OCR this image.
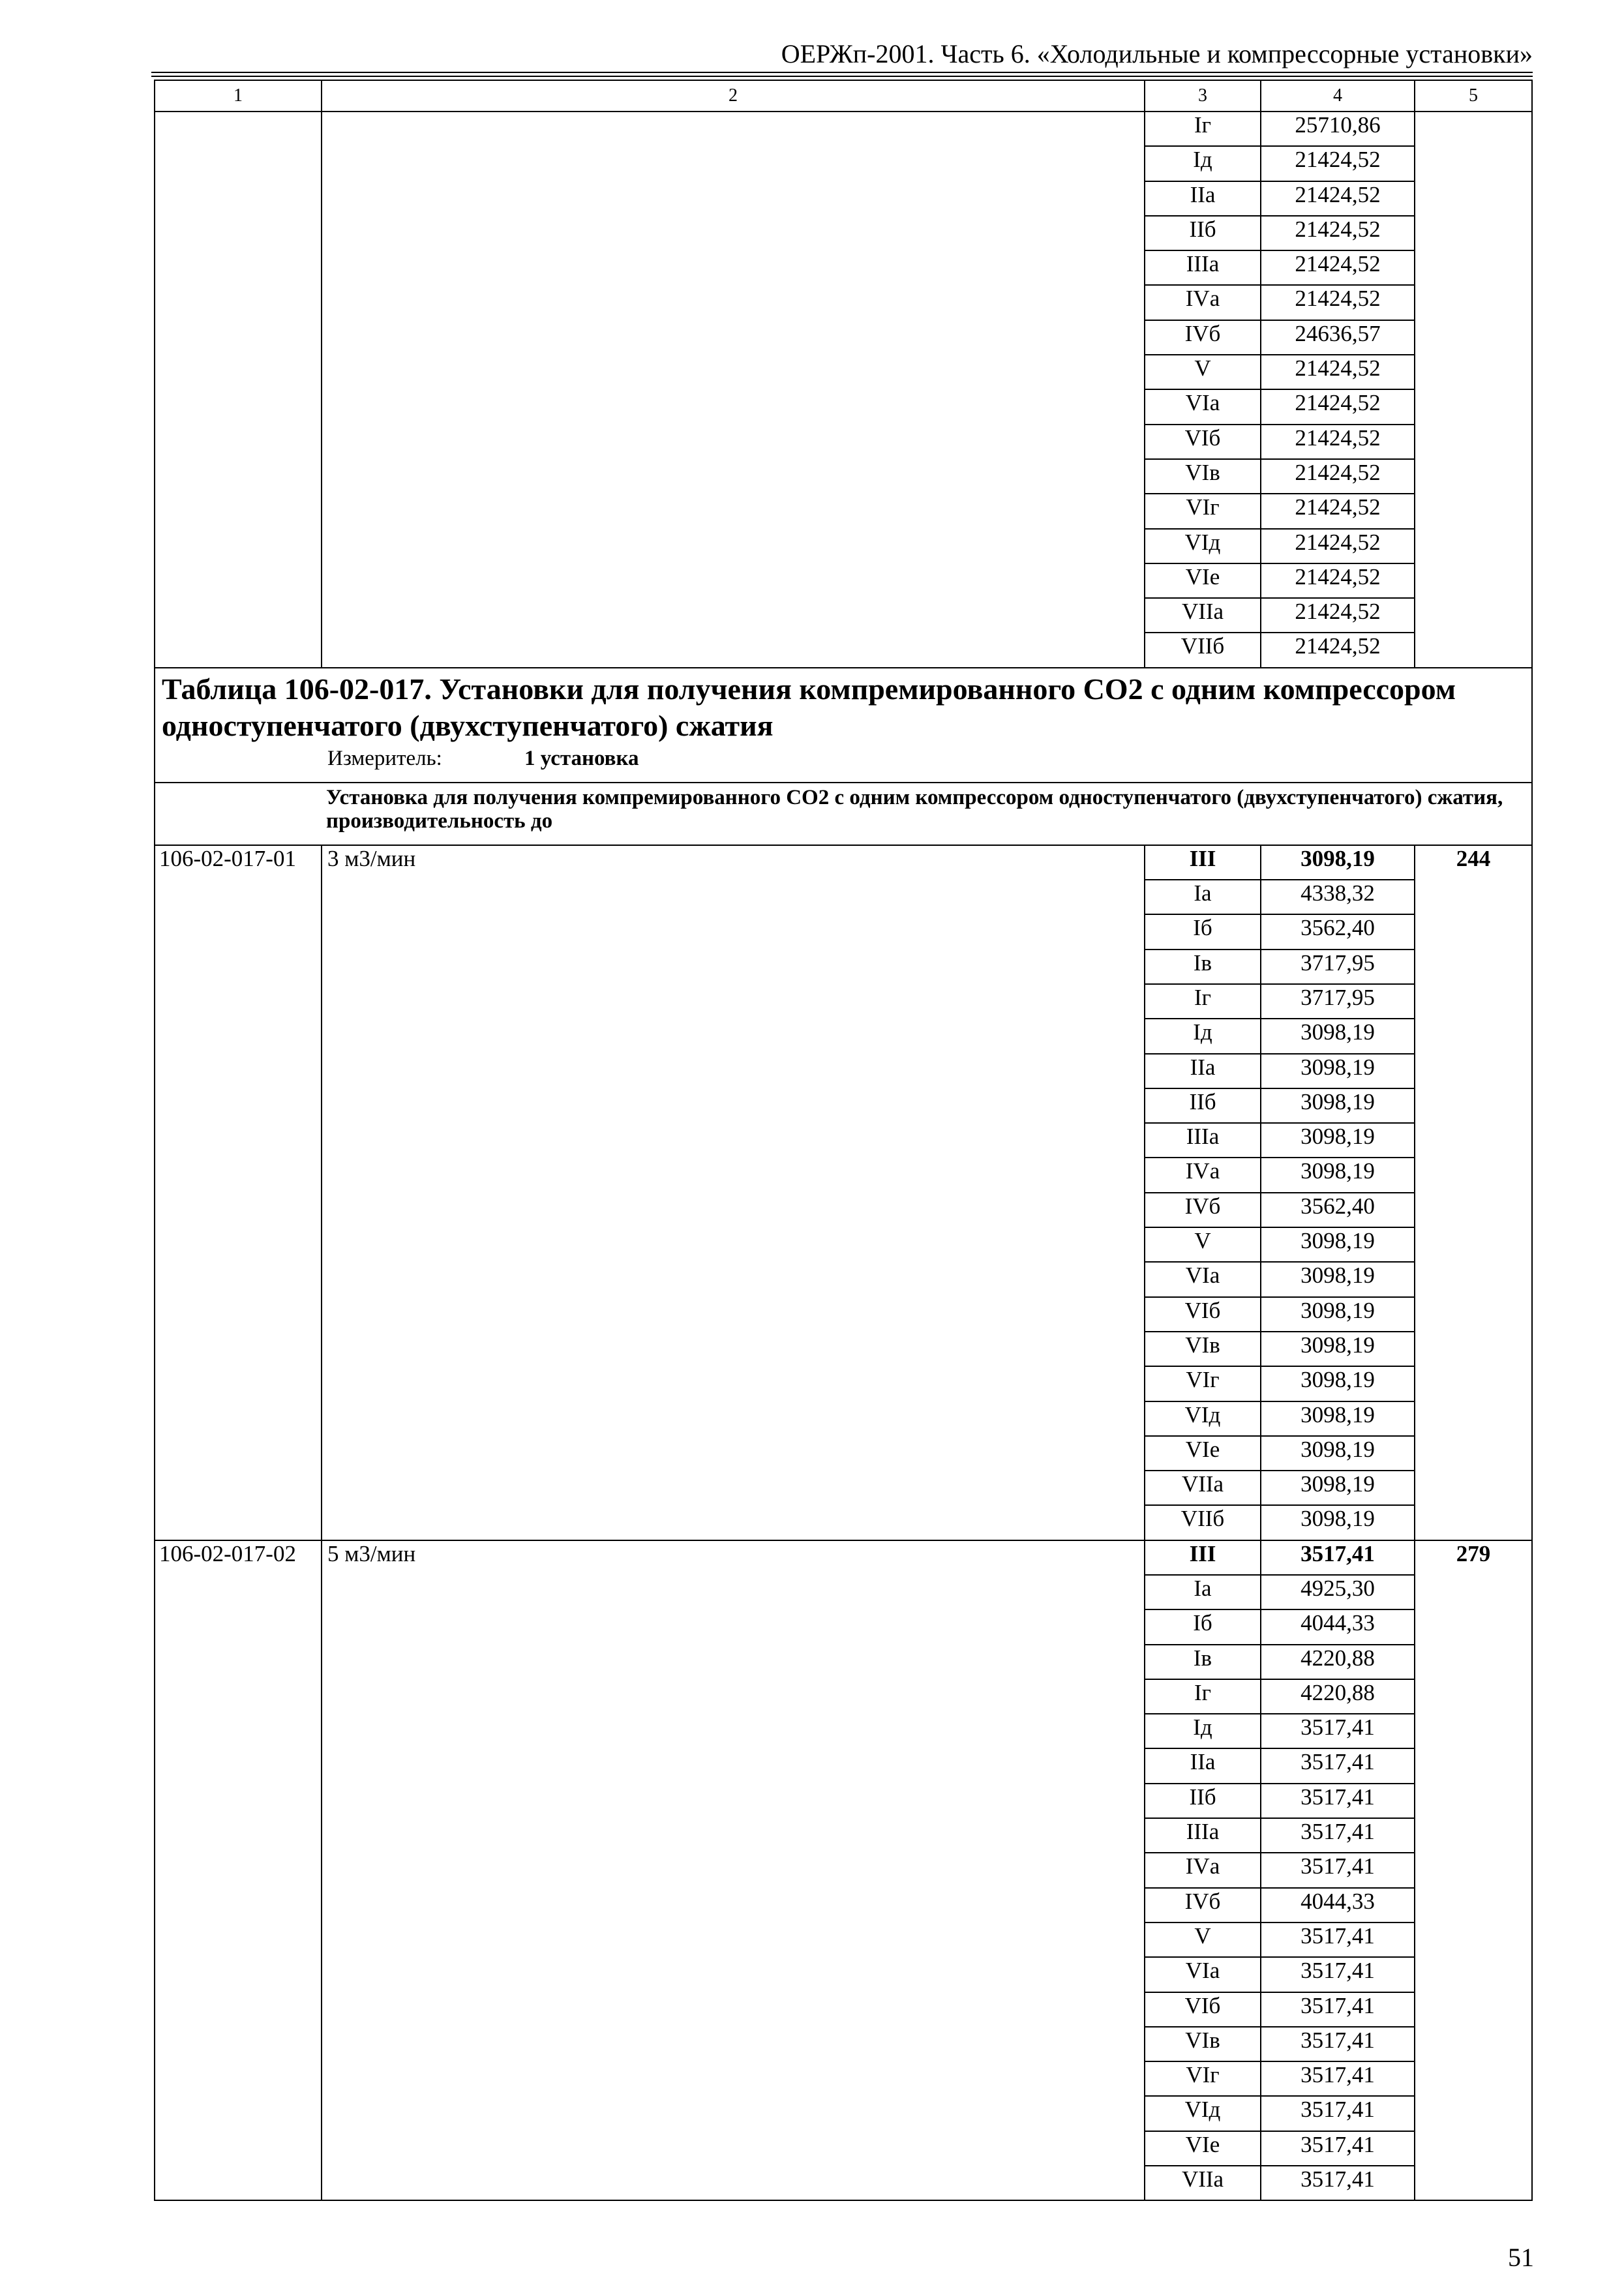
ОЕРЖп-2001. Часть 6. «Холодильные и компрессорные установки»
1	2	3	4	5
		Iг	25710,86	
		Iд	21424,52	
		IIа	21424,52	
		IIб	21424,52	
		IIIа	21424,52	
		IVа	21424,52	
		IVб	24636,57	
		V	21424,52	
		VIа	21424,52	
		VIб	21424,52	
		VIв	21424,52	
		VIг	21424,52	
		VIд	21424,52	
		VIе	21424,52	
		VIIа	21424,52	
		VIIб	21424,52	

Таблица 106-02-017. Установки для получения компремированного СО2 с одним компрессором одноступенчатого (двухступенчатого) сжатия
Измеритель: 1 установка				

Установка для получения компремированного СО2 с одним компрессором одноступенчатого (двухступенчатого) сжатия, производительность до				
106-02-017-01	3 м3/мин	III	3098,19	244
		Iа	4338,32	
		Iб	3562,40	
		Iв	3717,95	
		Iг	3717,95	
		Iд	3098,19	
		IIа	3098,19	
		IIб	3098,19	
		IIIа	3098,19	
		IVа	3098,19	
		IVб	3562,40	
		V	3098,19	
		VIа	3098,19	
		VIб	3098,19	
		VIв	3098,19	
		VIг	3098,19	
		VIд	3098,19	
		VIе	3098,19	
		VIIа	3098,19	
		VIIб	3098,19	
106-02-017-02	5 м3/мин	III	3517,41	279
		Iа	4925,30	
		Iб	4044,33	
		Iв	4220,88	
		Iг	4220,88	
		Iд	3517,41	
		IIа	3517,41	
		IIб	3517,41	
		IIIа	3517,41	
		IVа	3517,41	
		IVб	4044,33	
		V	3517,41	
		VIа	3517,41	
		VIб	3517,41	
		VIв	3517,41	
		VIг	3517,41	
		VIд	3517,41	
		VIе	3517,41	
		VIIа	3517,41	
51
